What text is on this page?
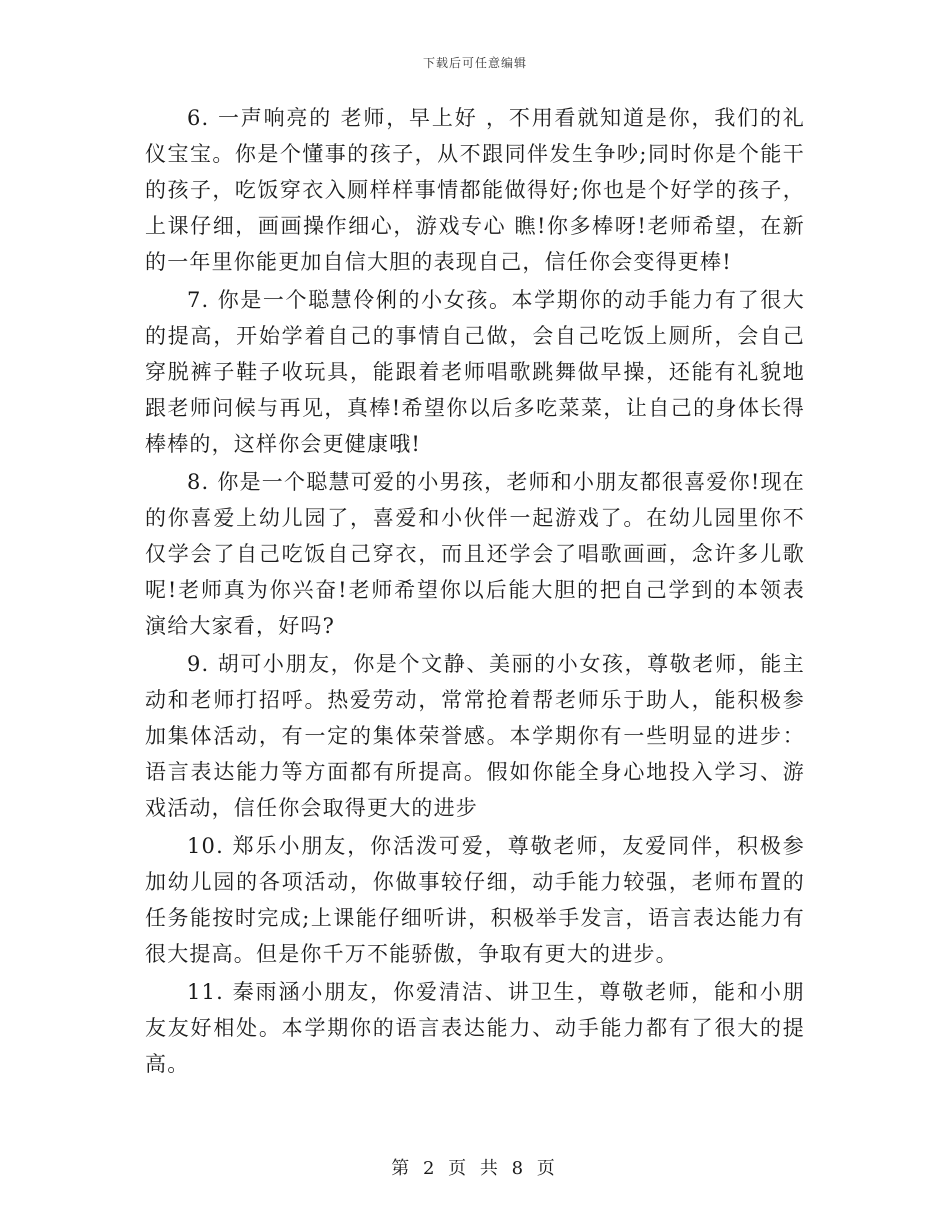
下载后可任意编辑

6. 一声响亮的 老师，早上好 ，不用看就知道是你，我们的礼仪宝宝。你是个懂事的孩子，从不跟同伴发生争吵;同时你是个能干的孩子，吃饭穿衣入厕样样事情都能做得好;你也是个好学的孩子，上课仔细，画画操作细心，游戏专心 瞧!你多棒呀!老师希望，在新的一年里你能更加自信大胆的表现自己，信任你会变得更棒!

7. 你是一个聪慧伶俐的小女孩。本学期你的动手能力有了很大的提高，开始学着自己的事情自己做，会自己吃饭上厕所，会自己穿脱裤子鞋子收玩具，能跟着老师唱歌跳舞做早操，还能有礼貌地跟老师问候与再见，真棒!希望你以后多吃菜菜，让自己的身体长得棒棒的，这样你会更健康哦!

8. 你是一个聪慧可爱的小男孩，老师和小朋友都很喜爱你!现在的你喜爱上幼儿园了，喜爱和小伙伴一起游戏了。在幼儿园里你不仅学会了自己吃饭自己穿衣，而且还学会了唱歌画画，念许多儿歌呢!老师真为你兴奋!老师希望你以后能大胆的把自己学到的本领表演给大家看，好吗?

9. 胡可小朋友，你是个文静、美丽的小女孩，尊敬老师，能主动和老师打招呼。热爱劳动，常常抢着帮老师乐于助人，能积极参加集体活动，有一定的集体荣誉感。本学期你有一些明显的进步：语言表达能力等方面都有所提高。假如你能全身心地投入学习、游戏活动，信任你会取得更大的进步

10. 郑乐小朋友，你活泼可爱，尊敬老师，友爱同伴，积极参加幼儿园的各项活动，你做事较仔细，动手能力较强，老师布置的任务能按时完成;上课能仔细听讲，积极举手发言，语言表达能力有很大提高。但是你千万不能骄傲，争取有更大的进步。

11. 秦雨涵小朋友，你爱清洁、讲卫生，尊敬老师，能和小朋友友好相处。本学期你的语言表达能力、动手能力都有了很大的提高。

第 2 页 共 8 页
